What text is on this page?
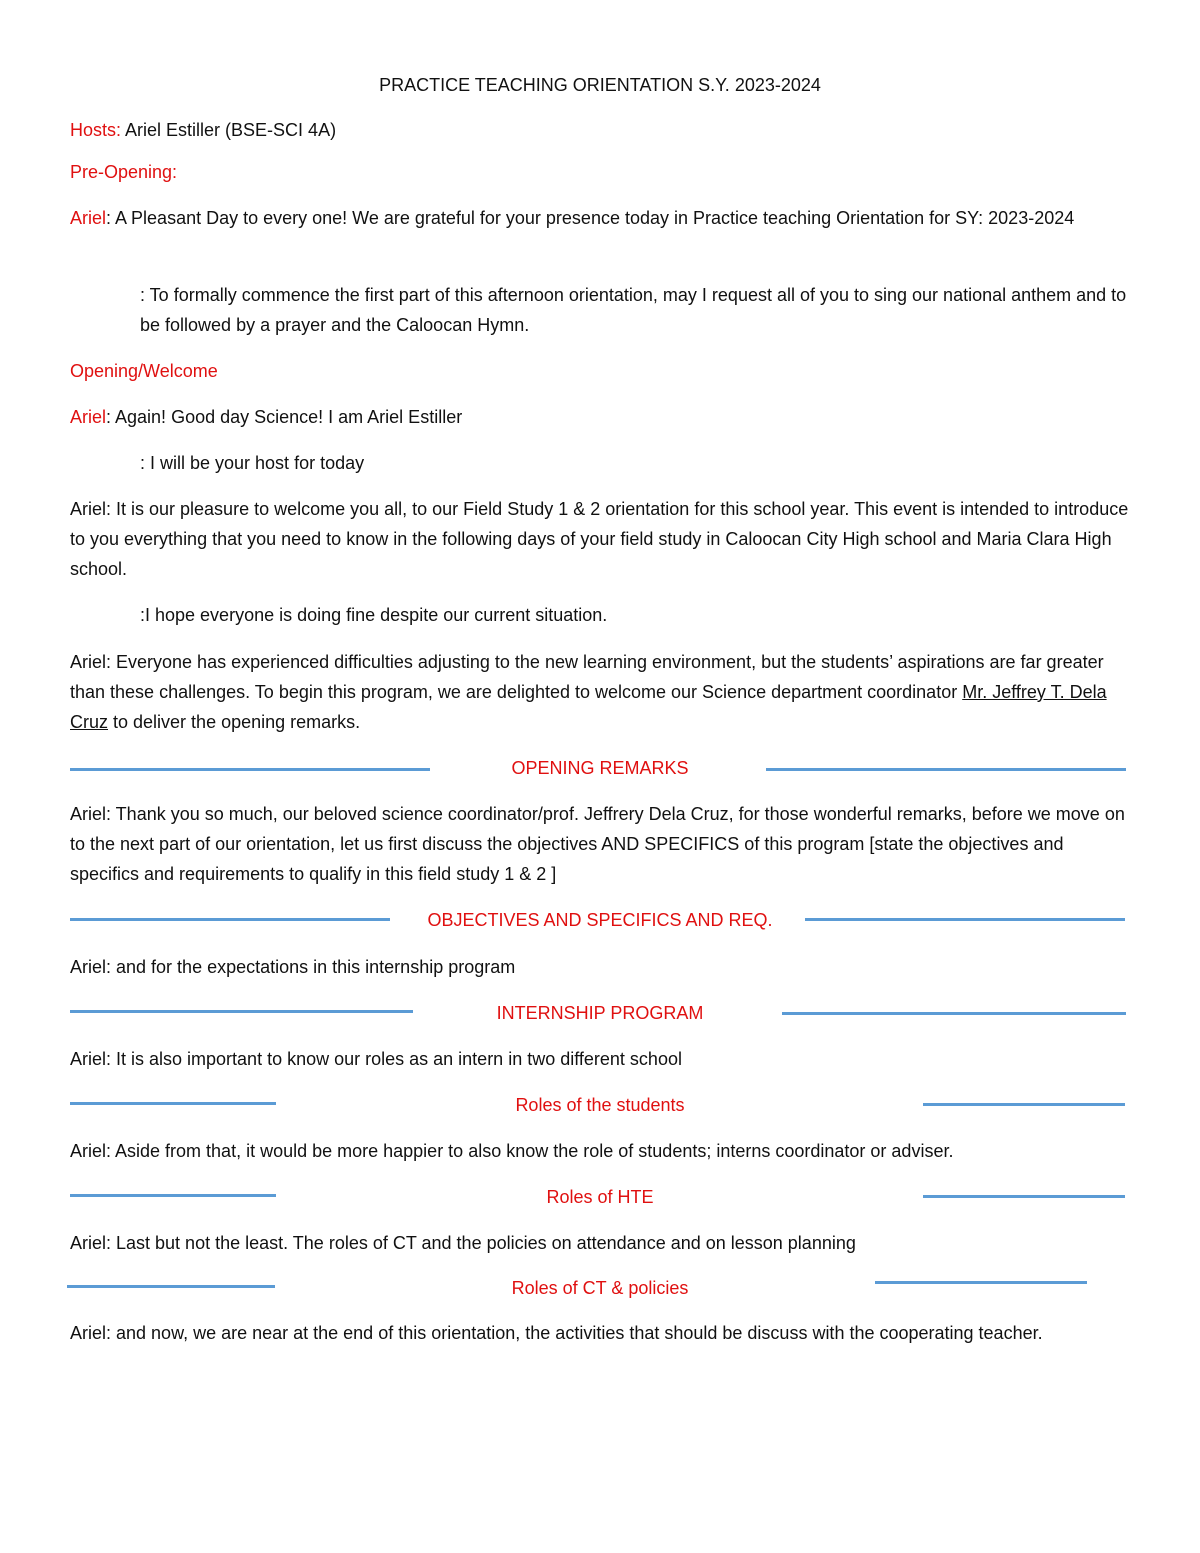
PRACTICE TEACHING ORIENTATION S.Y. 2023-2024

Hosts: Ariel Estiller (BSE-SCI 4A)

Pre-Opening:

Ariel: A Pleasant Day to every one! We are grateful for your presence today in Practice teaching Orientation for SY: 2023-2024

: To formally commence the first part of this afternoon orientation, may I request all of you to sing our national anthem and to be followed by a prayer and the Caloocan Hymn.

Opening/Welcome

Ariel: Again! Good day Science! I am Ariel Estiller

: I will be your host for today

Ariel: It is our pleasure to welcome you all, to our Field Study 1 & 2 orientation for this school year. This event is intended to introduce to you everything that you need to know in the following days of your field study in Caloocan City High school and Maria Clara High school.

:I hope everyone is doing fine despite our current situation.

Ariel: Everyone has experienced difficulties adjusting to the new learning environment, but the students’ aspirations are far greater than these challenges. To begin this program, we are delighted to welcome our Science department coordinator Mr. Jeffrey T. Dela Cruz to deliver the opening remarks.

OPENING REMARKS

Ariel: Thank you so much, our beloved science coordinator/prof. Jeffrery Dela Cruz, for those wonderful remarks, before we move on to the next part of our orientation, let us first discuss the objectives AND SPECIFICS of this program [state the objectives and specifics and requirements to qualify in this field study 1 & 2 ]

OBJECTIVES AND SPECIFICS AND REQ.

Ariel: and for the expectations in this internship program

INTERNSHIP PROGRAM

Ariel: It is also important to know our roles as an intern in two different school

Roles of the students

Ariel: Aside from that, it would be more happier to also know the role of students; interns coordinator or adviser.

Roles of HTE

Ariel: Last but not the least. The roles of CT and the policies on attendance and on lesson planning

Roles of CT & policies

Ariel: and now, we are near at the end of this orientation, the activities that should be discuss with the cooperating teacher.
